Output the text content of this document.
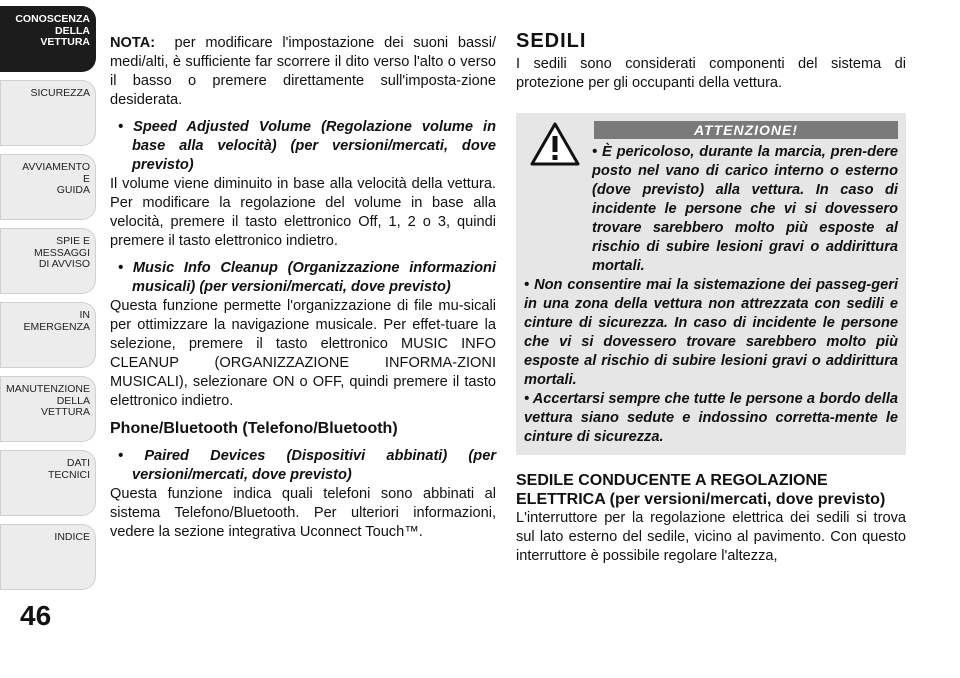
CONOSCENZA
DELLA
VETTURA
SICUREZZA
AVVIAMENTO
E
GUIDA
SPIE E
MESSAGGI
DI AVVISO
IN
EMERGENZA
MANUTENZIONE
DELLA
VETTURA
DATI
TECNICI
INDICE
46

NOTA: per modificare l'impostazione dei suoni bassi/ medi/alti, è sufficiente far scorrere il dito verso l'alto o verso il basso o premere direttamente sull'imposta-zione desiderata.

• Speed Adjusted Volume (Regolazione volume in base alla velocità) (per versioni/mercati, dove previsto)

Il volume viene diminuito in base alla velocità della vettura. Per modificare la regolazione del volume in base alla velocità, premere il tasto elettronico Off, 1, 2 o 3, quindi premere il tasto elettronico indietro.

• Music Info Cleanup (Organizzazione informazioni musicali) (per versioni/mercati, dove previsto)

Questa funzione permette l'organizzazione di file mu-sicali per ottimizzare la navigazione musicale. Per effet-tuare la selezione, premere il tasto elettronico MUSIC INFO CLEANUP (ORGANIZZAZIONE INFORMA-ZIONI MUSICALI), selezionare ON o OFF, quindi premere il tasto elettronico indietro.

Phone/Bluetooth (Telefono/Bluetooth)

• Paired Devices (Dispositivi abbinati) (per versioni/mercati, dove previsto)

Questa funzione indica quali telefoni sono abbinati al sistema Telefono/Bluetooth. Per ulteriori informazioni, vedere la sezione integrativa Uconnect Touch™.

SEDILI

I sedili sono considerati componenti del sistema di protezione per gli occupanti della vettura.

ATTENZIONE!

• È pericoloso, durante la marcia, pren-dere posto nel vano di carico interno o esterno (dove previsto) alla vettura. In caso di incidente le persone che vi si dovessero trovare sarebbero molto più esposte al rischio di subire lesioni gravi o addirittura mortali.

• Non consentire mai la sistemazione dei passeg-geri in una zona della vettura non attrezzata con sedili e cinture di sicurezza. In caso di incidente le persone che vi si dovessero trovare sarebbero molto più esposte al rischio di subire lesioni gravi o addirittura mortali.

• Accertarsi sempre che tutte le persone a bordo della vettura siano sedute e indossino corretta-mente le cinture di sicurezza.

SEDILE CONDUCENTE A REGOLAZIONE ELETTRICA (per versioni/mercati, dove previsto)

L'interruttore per la regolazione elettrica dei sedili si trova sul lato esterno del sedile, vicino al pavimento. Con questo interruttore è possibile regolare l'altezza,
